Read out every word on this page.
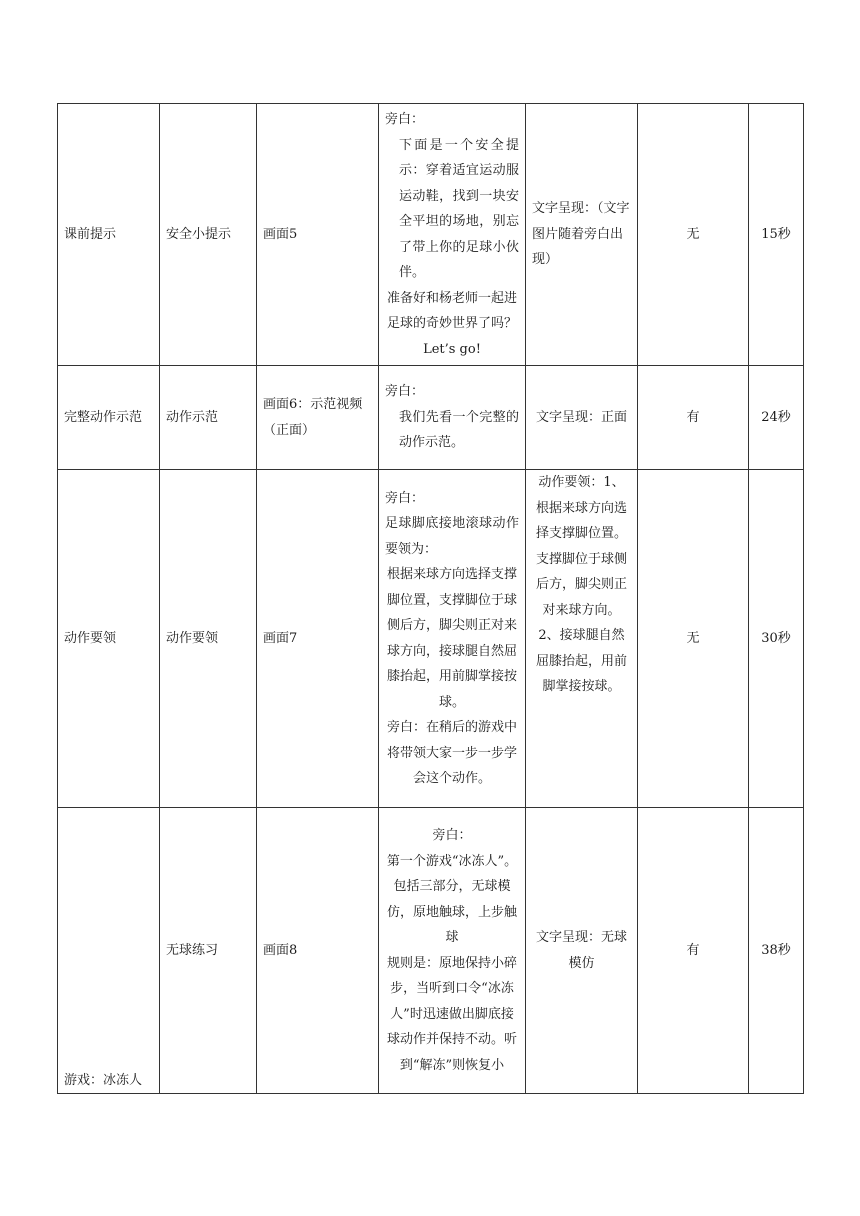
课前提示	安全小提示	画面5	旁白：
下面是一个安全提示：穿着适宜运动服运动鞋，找到一块安全平坦的场地，别忘了带上你的足球小伙伴。
准备好和杨老师一起进足球的奇妙世界了吗？
Let’s go!	文字呈现：（文字图片随着旁白出现）	无	15秒
完整动作示范	动作示范	画面6：示范视频（正面）	旁白：
我们先看一个完整的动作示范。	文字呈现：正面	有	24秒
动作要领	动作要领	画面7	旁白：
足球脚底接地滚球动作要领为：
根据来球方向选择支撑脚位置，支撑脚位于球侧后方，脚尖则正对来球方向，接球腿自然屈膝抬起，用前脚掌接按球。
旁白：在稍后的游戏中将带领大家一步一步学会这个动作。	动作要领：1、根据来球方向选择支撑脚位置。支撑脚位于球侧后方，脚尖则正对来球方向。2、接球腿自然屈膝抬起，用前脚掌接按球。	无	30秒
游戏：冰冻人	无球练习	画面8	旁白：
第一个游戏“冰冻人”。包括三部分，无球模仿，原地触球，上步触球
规则是：原地保持小碎步，当听到口令“冰冻人”时迅速做出脚底接球动作并保持不动。听到“解冻”则恢复小	文字呈现：无球模仿	有	38秒
